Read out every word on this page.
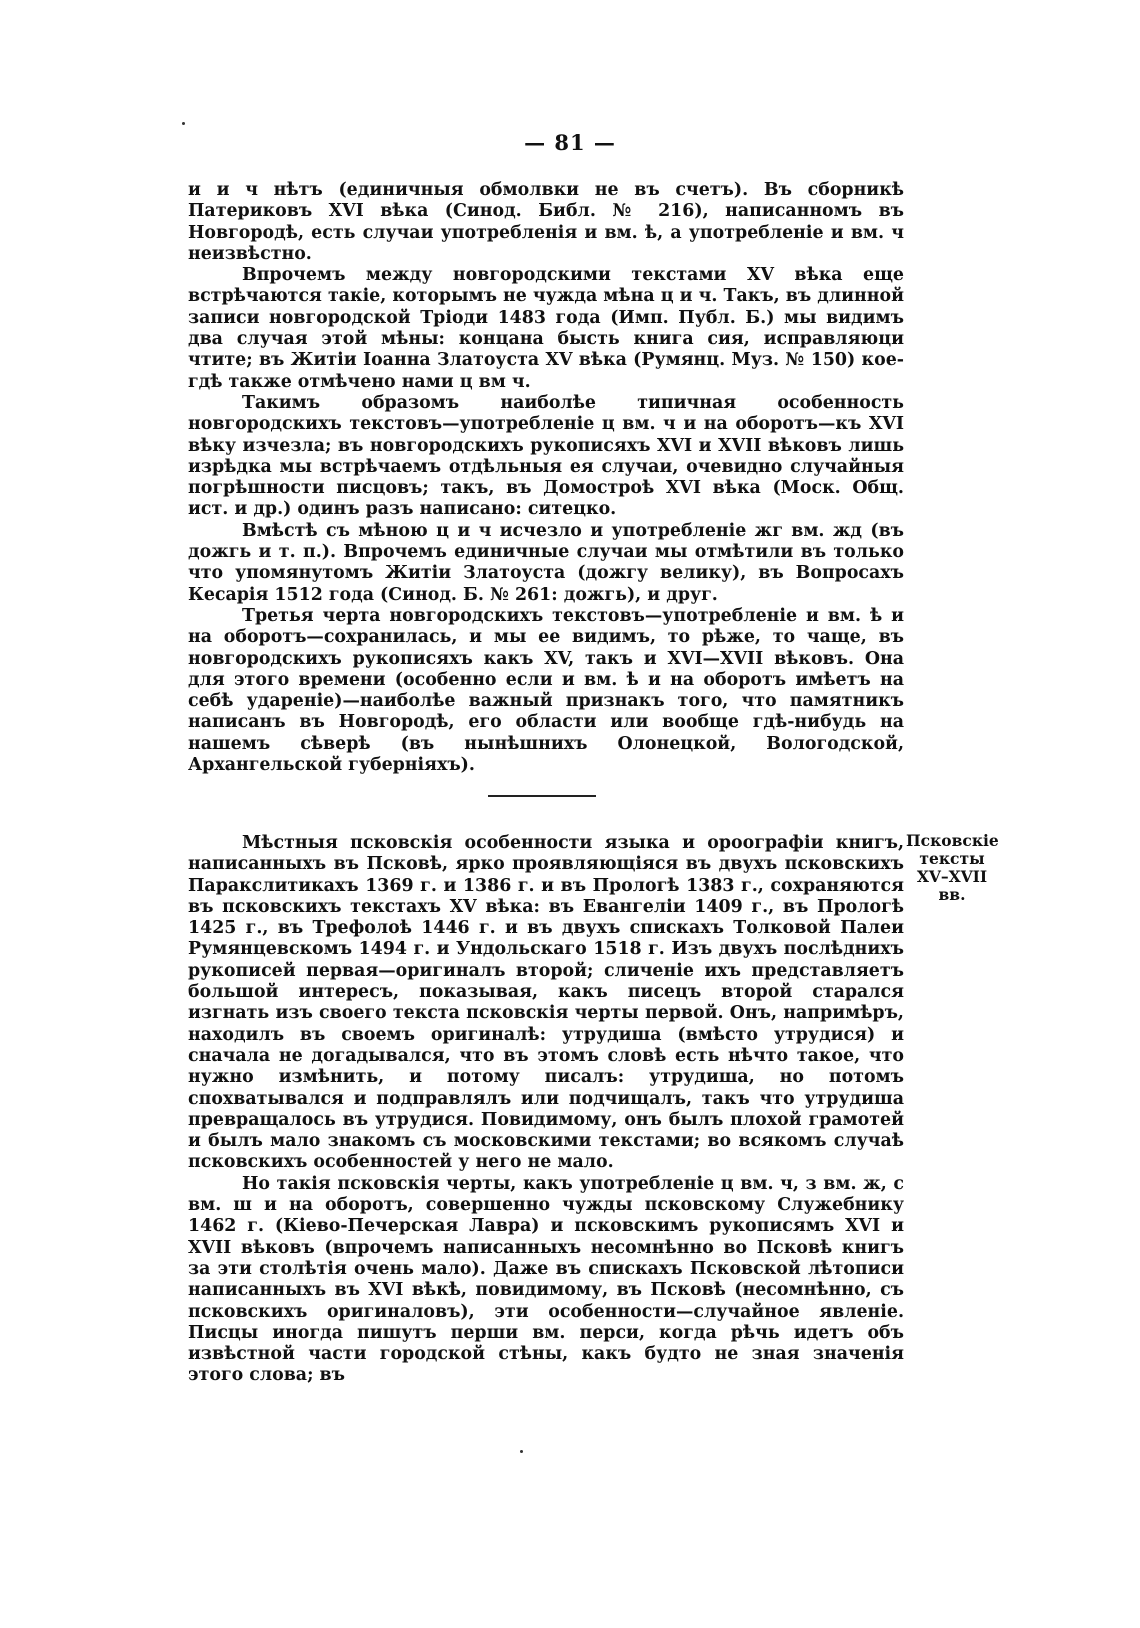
— 81 —

и и ч нѣтъ (единичныя обмолвки не въ счетъ). Въ сборникѣ Патериковъ XVI вѣка (Синод. Библ. № 216), написанномъ въ Новгородѣ, есть случаи употребленія и вм. ѣ, а употребленіе и вм. ч неизвѣстно.

Впрочемъ между новгородскими текстами XV вѣка еще встрѣчаются такіе, которымъ не чужда мѣна ц и ч. Такъ, въ длинной записи новгородской Тріоди 1483 года (Имп. Публ. Б.) мы видимъ два случая этой мѣны: концана бысть книга сия, исправляюци чтите; въ Житіи Іоанна Златоуста XV вѣка (Румянц. Муз. № 150) кое-гдѣ также отмѣчено нами ц вм ч.

Такимъ образомъ наиболѣе типичная особенность новгородскихъ текстовъ—употребленіе ц вм. ч и на оборотъ—къ XVI вѣку изчезла; въ новгородскихъ рукописяхъ XVI и XVII вѣковъ лишь изрѣдка мы встрѣчаемъ отдѣльныя ея случаи, очевидно случайныя погрѣшности писцовъ; такъ, въ Домостроѣ XVI вѣка (Моск. Общ. ист. и др.) одинъ разъ написано: ситецко.

Вмѣстѣ съ мѣною ц и ч исчезло и употребленіе жг вм. жд (въ дожгь и т. п.). Впрочемъ единичные случаи мы отмѣтили въ только что упомянутомъ Житіи Златоуста (дожгу велику), въ Вопросахъ Кесарія 1512 года (Синод. Б. № 261: дожгь), и друг.

Третья черта новгородскихъ текстовъ—употребленіе и вм. ѣ и на оборотъ—сохранилась, и мы ее видимъ, то рѣже, то чаще, въ новгородскихъ рукописяхъ какъ XV, такъ и XVI—XVII вѣковъ. Она для этого времени (особенно если и вм. ѣ и на оборотъ имѣетъ на себѣ удареніе)—наиболѣе важный признакъ того, что памятникъ написанъ въ Новгородѣ, его области или вообще гдѣ-нибудь на нашемъ сѣверѣ (въ нынѣшнихъ Олонецкой, Вологодской, Архангельской губерніяхъ).

Псковскіе тексты XV–XVII вв.

Мѣстныя псковскія особенности языка и ороографіи книгъ, написанныхъ въ Псковѣ, ярко проявляющіяся въ двухъ псковскихъ Паракслитикахъ 1369 г. и 1386 г. и въ Прологѣ 1383 г., сохраняются въ псковскихъ текстахъ XV вѣка: въ Евангеліи 1409 г., въ Прологѣ 1425 г., въ Трефолоѣ 1446 г. и въ двухъ спискахъ Толковой Палеи Румянцевскомъ 1494 г. и Ундольскаго 1518 г. Изъ двухъ послѣднихъ рукописей первая—оригиналъ второй; сличеніе ихъ представляетъ большой интересъ, показывая, какъ писецъ второй старался изгнать изъ своего текста псковскія черты первой. Онъ, напримѣръ, находилъ въ своемъ оригиналѣ: утрудиша (вмѣсто утрудися) и сначала не догадывался, что въ этомъ словѣ есть нѣчто такое, что нужно измѣнить, и потому писалъ: утрудиша, но потомъ спохватывался и подправлялъ или подчищалъ, такъ что утрудиша превращалось въ утрудися. Повидимому, онъ былъ плохой грамотей и былъ мало знакомъ съ московскими текстами; во всякомъ случаѣ псковскихъ особенностей у него не мало.

Но такія псковскія черты, какъ употребленіе ц вм. ч, з вм. ж, с вм. ш и на оборотъ, совершенно чужды псковскому Служебнику 1462 г. (Кіево-Печерская Лавра) и псковскимъ рукописямъ XVI и XVII вѣковъ (впрочемъ написанныхъ несомнѣнно во Псковѣ книгъ за эти столѣтія очень мало). Даже въ спискахъ Псковской лѣтописи написанныхъ въ XVI вѣкѣ, повидимому, въ Псковѣ (несомнѣнно, съ псковскихъ оригиналовъ), эти особенности—случайное явленіе. Писцы иногда пишутъ перши вм. перси, когда рѣчь идетъ объ извѣстной части городской стѣны, какъ будто не зная значенія этого слова; въ
